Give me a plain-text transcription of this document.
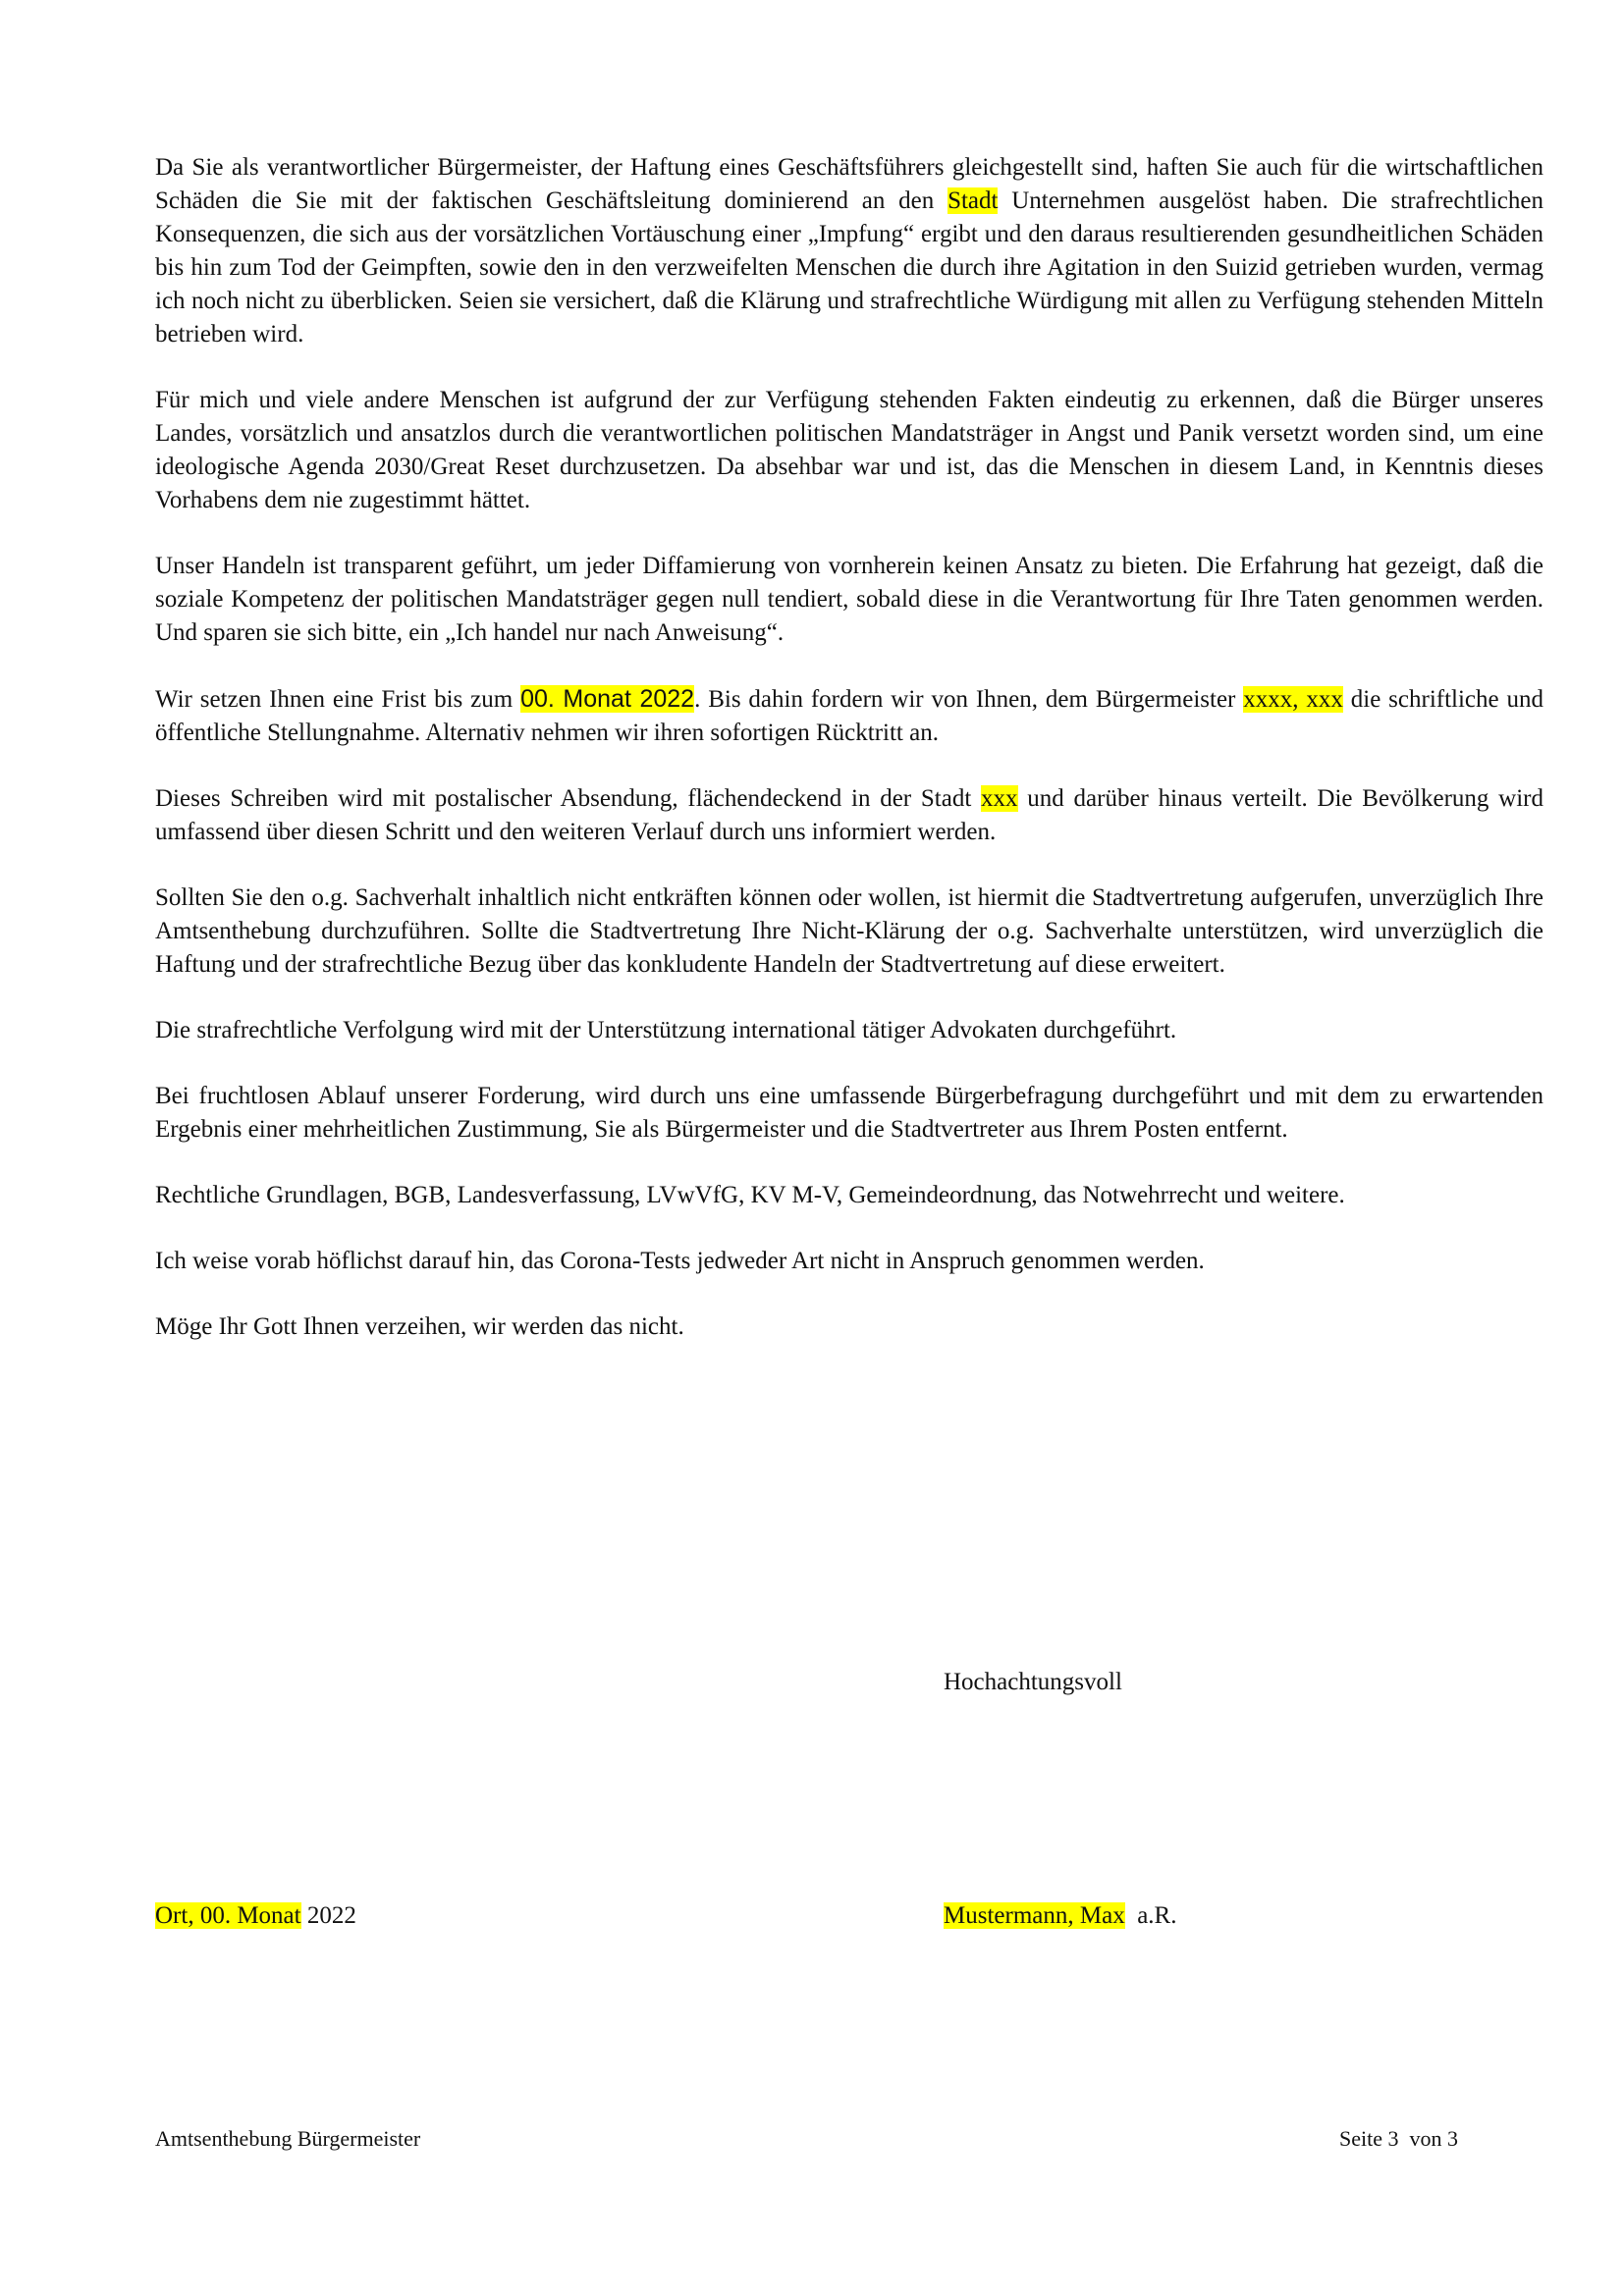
Da Sie als verantwortlicher Bürgermeister, der Haftung eines Geschäftsführers gleichgestellt sind, haften Sie auch für die wirtschaftlichen Schäden die Sie mit der faktischen Geschäftsleitung dominierend an den Stadt Unternehmen ausgelöst haben. Die strafrechtlichen Konsequenzen, die sich aus der vorsätzlichen Vortäuschung einer „Impfung“ ergibt und den daraus resultierenden gesundheitlichen Schäden bis hin zum Tod der Geimpften, sowie den in den verzweifelten Menschen die durch ihre Agitation in den Suizid getrieben wurden, vermag ich noch nicht zu überblicken. Seien sie versichert, daß die Klärung und strafrechtliche Würdigung mit allen zu Verfügung stehenden Mitteln betrieben wird.

Für mich und viele andere Menschen ist aufgrund der zur Verfügung stehenden Fakten eindeutig zu erkennen, daß die Bürger unseres Landes, vorsätzlich und ansatzlos durch die verantwortlichen politischen Mandatsträger in Angst und Panik versetzt worden sind, um eine ideologische Agenda 2030/Great Reset durchzusetzen. Da absehbar war und ist, das die Menschen in diesem Land, in Kenntnis dieses Vorhabens dem nie zugestimmt hättet.

Unser Handeln ist transparent geführt, um jeder Diffamierung von vornherein keinen Ansatz zu bieten. Die Erfahrung hat gezeigt, daß die soziale Kompetenz der politischen Mandatsträger gegen null tendiert, sobald diese in die Verantwortung für Ihre Taten genommen werden. Und sparen sie sich bitte, ein „Ich handel nur nach Anweisung“.

Wir setzen Ihnen eine Frist bis zum 00. Monat 2022. Bis dahin fordern wir von Ihnen, dem Bürgermeister xxxx, xxx die schriftliche und öffentliche Stellungnahme. Alternativ nehmen wir ihren sofortigen Rücktritt an.

Dieses Schreiben wird mit postalischer Absendung, flächendeckend in der Stadt xxx und darüber hinaus verteilt. Die Bevölkerung wird umfassend über diesen Schritt und den weiteren Verlauf durch uns informiert werden.

Sollten Sie den o.g. Sachverhalt inhaltlich nicht entkräften können oder wollen, ist hiermit die Stadtvertretung aufgerufen, unverzüglich Ihre Amtsenthebung durchzuführen. Sollte die Stadtvertretung Ihre Nicht-Klärung der o.g. Sachverhalte unterstützen, wird unverzüglich die Haftung und der strafrechtliche Bezug über das konkludente Handeln der Stadtvertretung auf diese erweitert.

Die strafrechtliche Verfolgung wird mit der Unterstützung international tätiger Advokaten durchgeführt.

Bei fruchtlosen Ablauf unserer Forderung, wird durch uns eine umfassende Bürgerbefragung durchgeführt und mit dem zu erwartenden Ergebnis einer mehrheitlichen Zustimmung, Sie als Bürgermeister und die Stadtvertreter aus Ihrem Posten entfernt.

Rechtliche Grundlagen, BGB, Landesverfassung, LVwVfG, KV M-V, Gemeindeordnung, das Notwehrrecht und weitere.

Ich weise vorab höflichst darauf hin, das Corona-Tests jedweder Art nicht in Anspruch genommen werden.

Möge Ihr Gott Ihnen verzeihen, wir werden das nicht.

Hochachtungsvoll
Ort, 00. Monat 2022	Mustermann, Max  a.R.
Amtsenthebung Bürgermeister	Seite 3  von 3
